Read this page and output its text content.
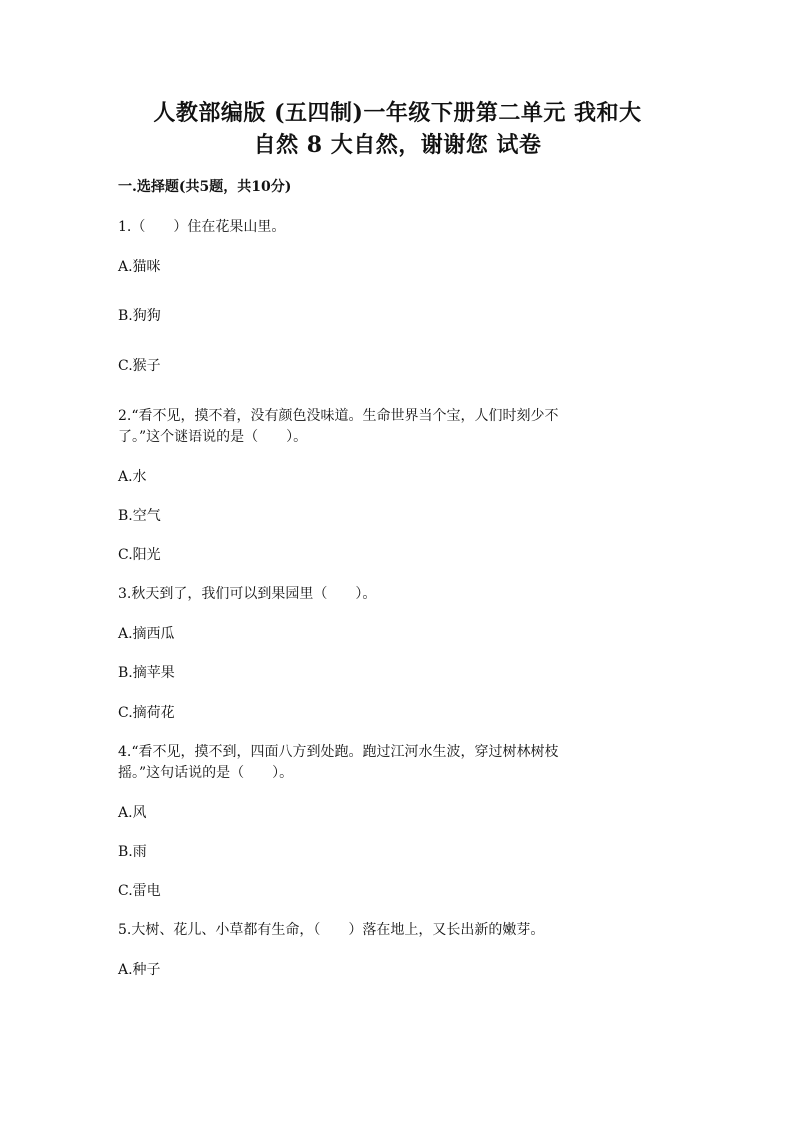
人教部编版 (五四制)一年级下册第二单元 我和大
自然 8 大自然，谢谢您 试卷

一.选择题(共5题，共10分)

1.（　　）住在花果山里。

A.猫咪

B.狗狗

C.猴子

2.“看不见，摸不着，没有颜色没味道。生命世界当个宝，人们时刻少不

了。”这个谜语说的是（　　）。

A.水

B.空气

C.阳光

3.秋天到了，我们可以到果园里（　　）。

A.摘西瓜

B.摘苹果

C.摘荷花

4.“看不见，摸不到，四面八方到处跑。跑过江河水生波，穿过树林树枝

摇。”这句话说的是（　　）。

A.风

B.雨

C.雷电

5.大树、花儿、小草都有生命，（　　）落在地上，又长出新的嫩芽。

A.种子
